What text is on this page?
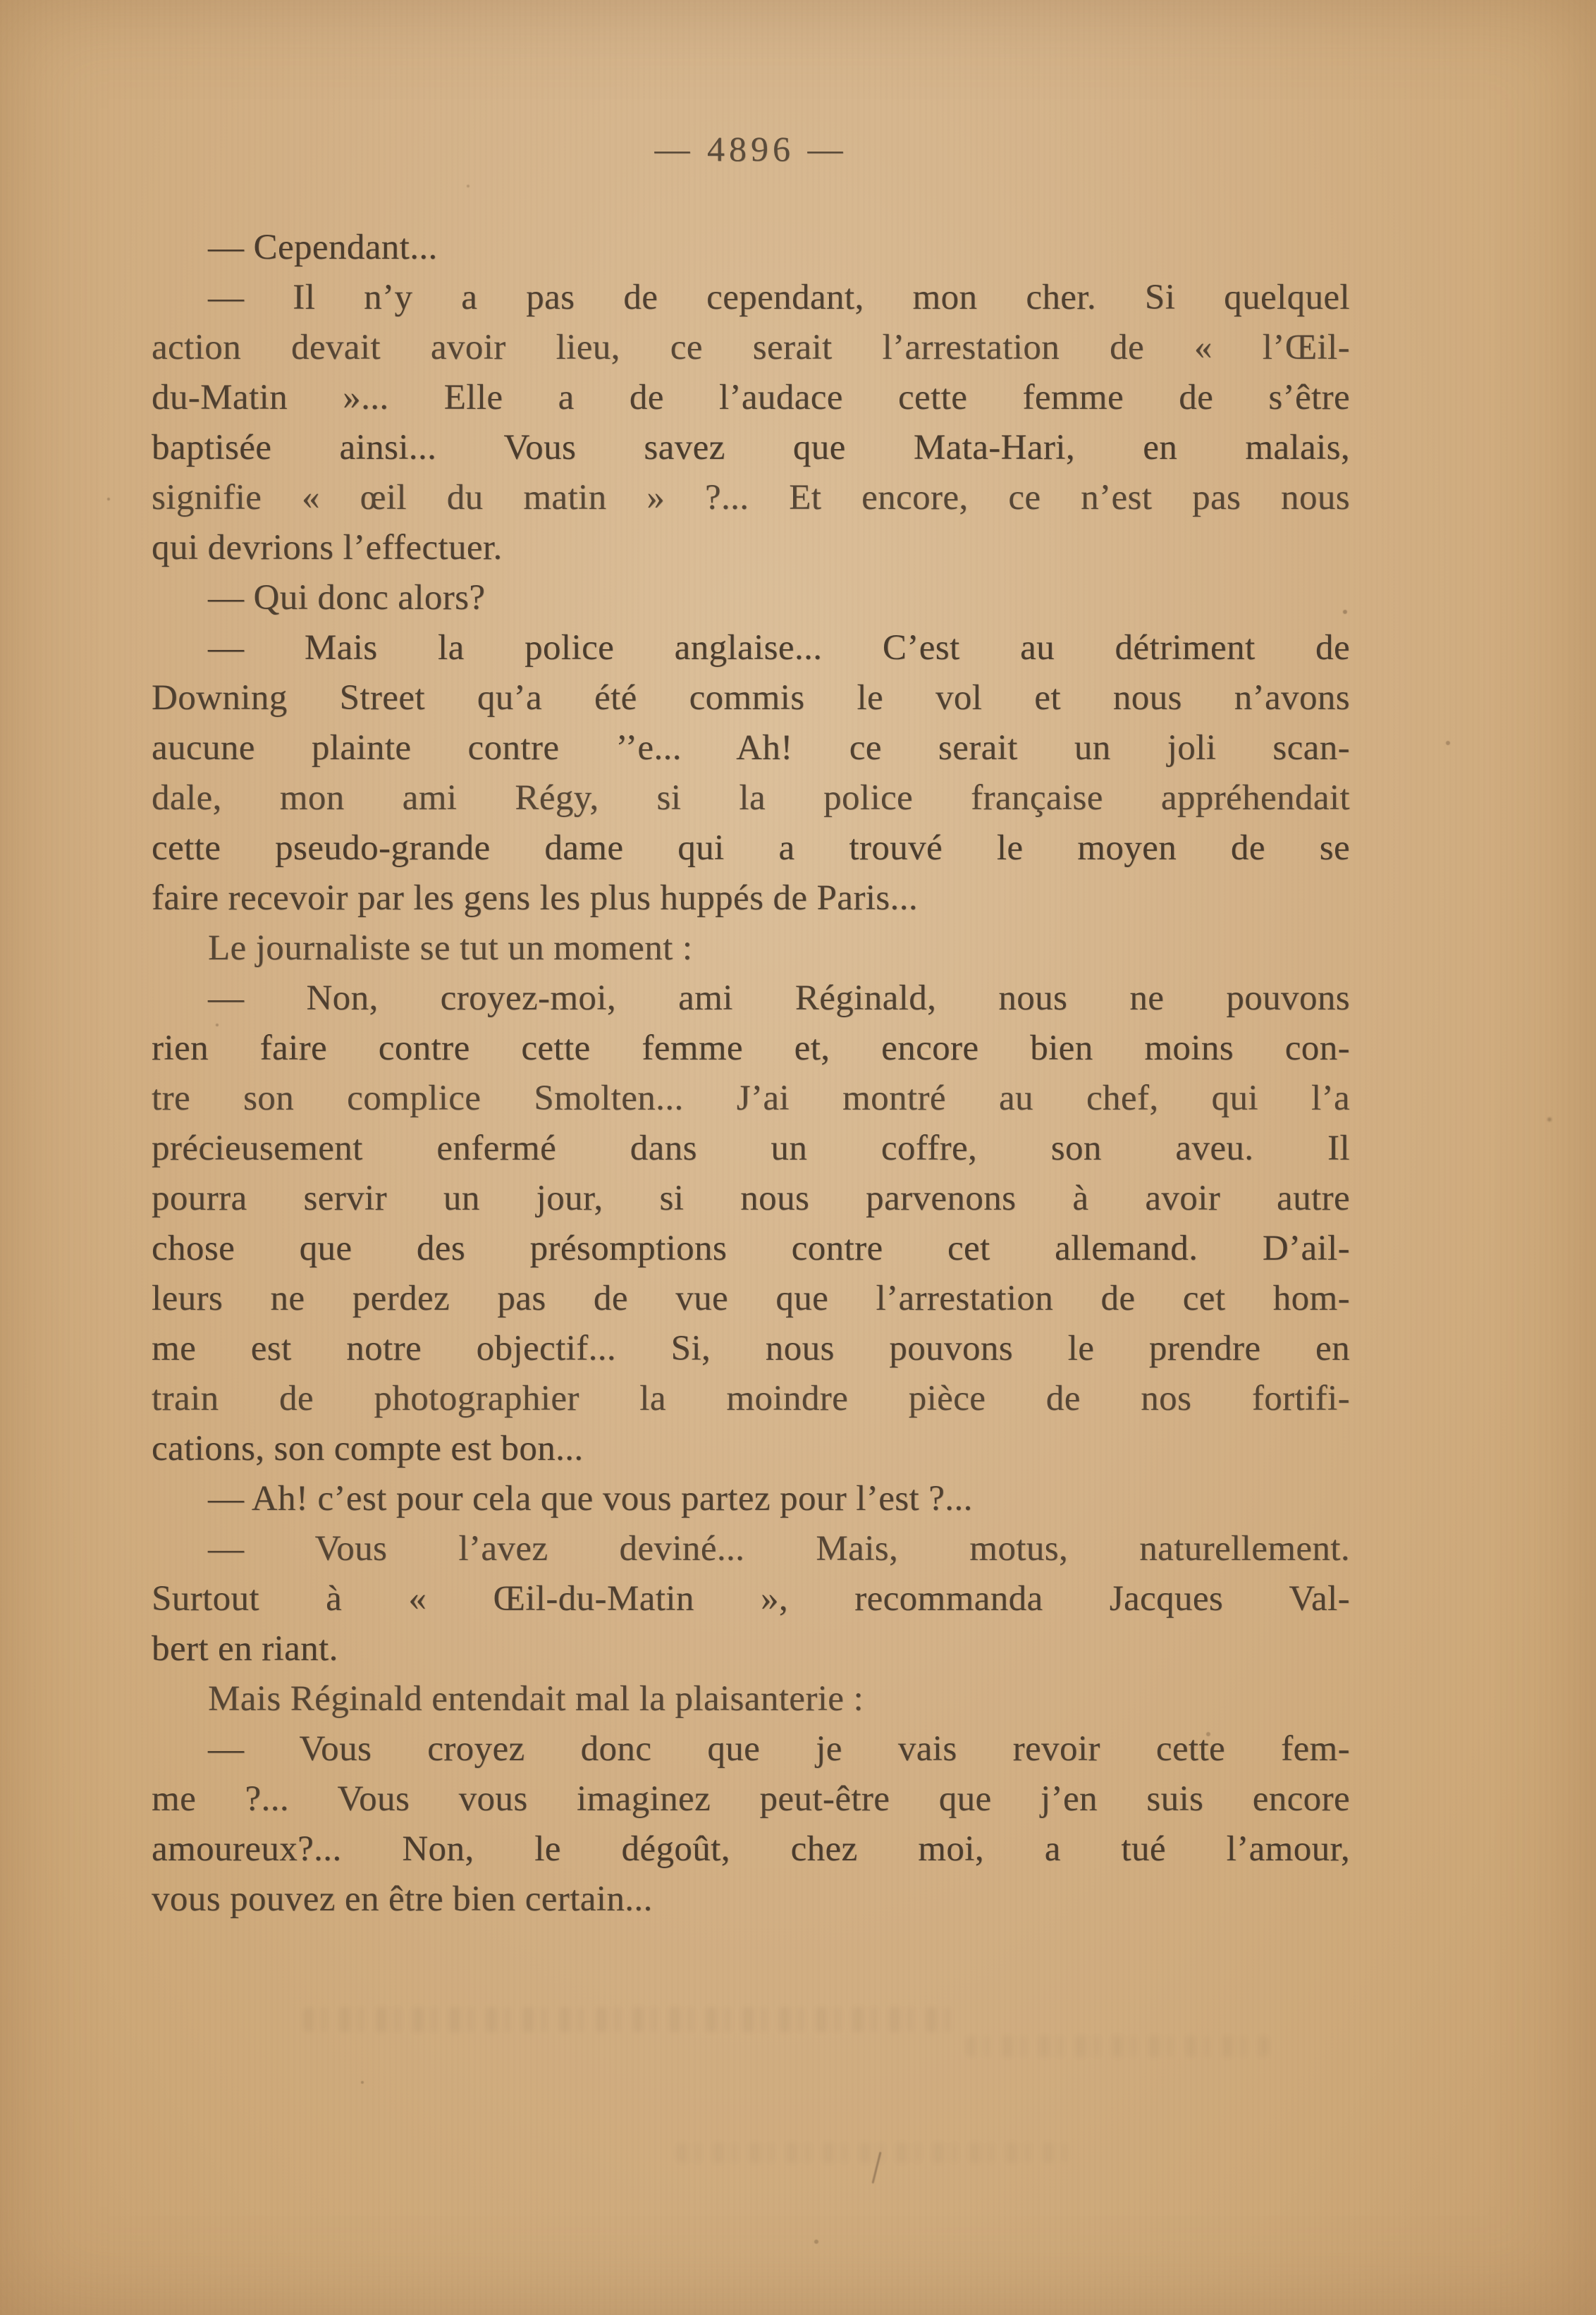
— 4896 —
— Cependant...
— Il n’y a pas de cependant, mon cher. Si quelquel
action devait avoir lieu, ce serait l’arrestation de « l’Œil-
du-Matin »... Elle a de l’audace cette femme de s’être
baptisée ainsi... Vous savez que Mata-Hari, en malais,
signifie « œil du matin » ?... Et encore, ce n’est pas nous
qui devrions l’effectuer.
— Qui donc alors?
— Mais la police anglaise... C’est au détriment de
Downing Street qu’a été commis le vol et nous n’avons
aucune plainte contre ’’e... Ah! ce serait un joli scan-
dale, mon ami Régy, si la police française appréhendait
cette pseudo-grande dame qui a trouvé le moyen de se
faire recevoir par les gens les plus huppés de Paris...
Le journaliste se tut un moment :
— Non, croyez-moi, ami Réginald, nous ne pouvons
rien faire contre cette femme et, encore bien moins con-
tre son complice Smolten... J’ai montré au chef, qui l’a
précieusement enfermé dans un coffre, son aveu. Il
pourra servir un jour, si nous parvenons à avoir autre
chose que des présomptions contre cet allemand. D’ail-
leurs ne perdez pas de vue que l’arrestation de cet hom-
me est notre objectif... Si, nous pouvons le prendre en
train de photographier la moindre pièce de nos fortifi-
cations, son compte est bon...
— Ah! c’est pour cela que vous partez pour l’est ?...
— Vous l’avez deviné... Mais, motus, naturellement.
Surtout à « Œil-du-Matin », recommanda Jacques Val-
bert en riant.
Mais Réginald entendait mal la plaisanterie :
— Vous croyez donc que je vais revoir cette fem-
me ?... Vous vous imaginez peut-être que j’en suis encore
amoureux?... Non, le dégoût, chez moi, a tué l’amour,
vous pouvez en être bien certain...
